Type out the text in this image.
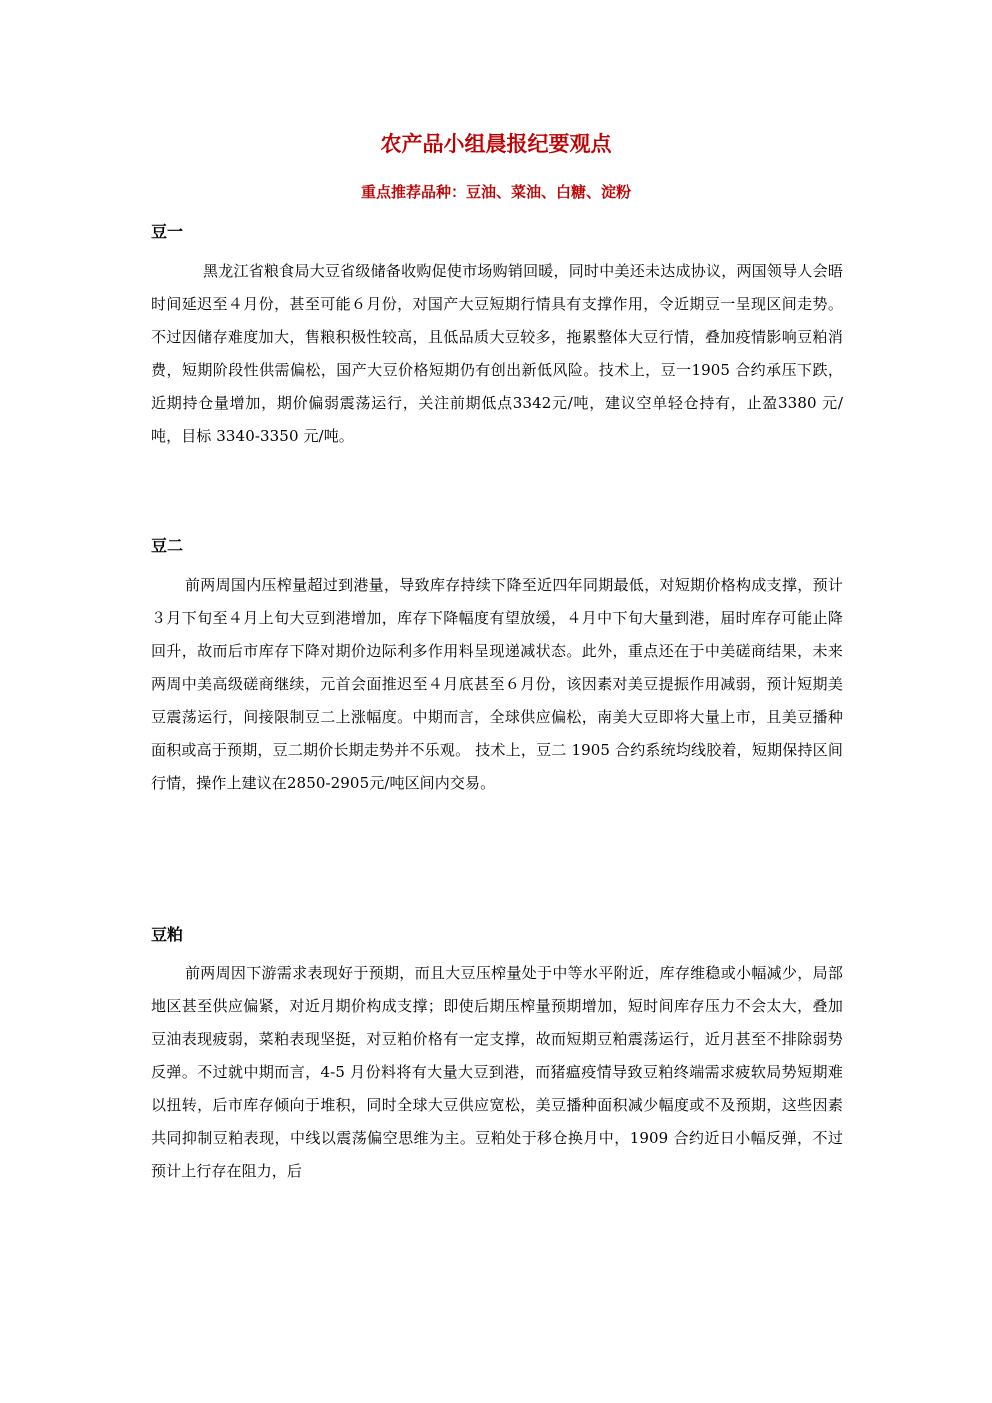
农产品小组晨报纪要观点
重点推荐品种：豆油、菜油、白糖、淀粉
豆一
黑龙江省粮食局大豆省级储备收购促使市场购销回暖，同时中美还未达成协议，两国领导人会晤时间延迟至４月份，甚至可能６月份，对国产大豆短期行情具有支撑作用，令近期豆一呈现区间走势。不过因储存难度加大，售粮积极性较高，且低品质大豆较多，拖累整体大豆行情，叠加疫情影响豆粕消费，短期阶段性供需偏松，国产大豆价格短期仍有创出新低风险。技术上，豆一1905 合约承压下跌，近期持仓量增加，期价偏弱震荡运行，关注前期低点3342元/吨，建议空单轻仓持有，止盈3380 元/吨，目标 3340-3350 元/吨。
豆二
前两周国内压榨量超过到港量，导致库存持续下降至近四年同期最低，对短期价格构成支撑，预计３月下旬至４月上旬大豆到港增加，库存下降幅度有望放缓，４月中下旬大量到港，届时库存可能止降回升，故而后市库存下降对期价边际利多作用料呈现递减状态。此外，重点还在于中美磋商结果，未来两周中美高级磋商继续，元首会面推迟至４月底甚至６月份，该因素对美豆提振作用减弱，预计短期美豆震荡运行，间接限制豆二上涨幅度。中期而言，全球供应偏松，南美大豆即将大量上市，且美豆播种面积或高于预期，豆二期价长期走势并不乐观。 技术上，豆二 1905 合约系统均线胶着，短期保持区间行情，操作上建议在2850-2905元/吨区间内交易。
豆粕
前两周因下游需求表现好于预期，而且大豆压榨量处于中等水平附近，库存维稳或小幅减少，局部地区甚至供应偏紧，对近月期价构成支撑；即使后期压榨量预期增加，短时间库存压力不会太大，叠加豆油表现疲弱，菜粕表现坚挺，对豆粕价格有一定支撑，故而短期豆粕震荡运行，近月甚至不排除弱势反弹。不过就中期而言，4-5 月份料将有大量大豆到港，而猪瘟疫情导致豆粕终端需求疲软局势短期难以扭转，后市库存倾向于堆积，同时全球大豆供应宽松，美豆播种面积减少幅度或不及预期，这些因素共同抑制豆粕表现，中线以震荡偏空思维为主。豆粕处于移仓换月中，1909 合约近日小幅反弹，不过预计上行存在阻力，后
